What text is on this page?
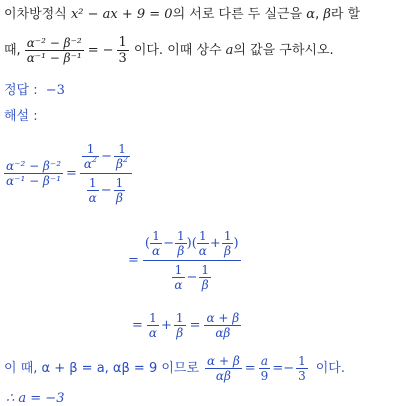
이차방정식 x² − ax + 9 = 0의 서로 다른 두 실근을 α, β라 할
때, $\frac{\text{α⁻² − β⁻²}}{\text{α⁻¹ − β⁻¹}}$ = − $\frac{1}{3}$ 이다. 이때 상수 a 의 값을 구하시오.
정답 : −3
해설 :
$\frac{\text{α⁻² − β⁻²}}{\text{α⁻¹ − β⁻¹}} = \frac{\frac{1}{\alpha^2} - \frac{1}{\beta^2}}{\frac{1}{\alpha} - \frac{1}{\beta}}$
=
( $\frac{1}{\alpha} - \frac{1}{\beta}$ )( $\frac{1}{\alpha} + \frac{1}{\beta}$ )
$\frac{1}{\alpha} - \frac{1}{\beta}$
= $\frac{1}{\alpha} + \frac{1}{\beta} = \frac{\alpha + \beta}{\alpha\beta}$
이 때, α + β = a, αβ = 9 이므로 $\frac{\alpha + \beta}{\alpha\beta} = \frac{a}{9} =- \frac{1}{3}$ 이다.
∴ a = −3
